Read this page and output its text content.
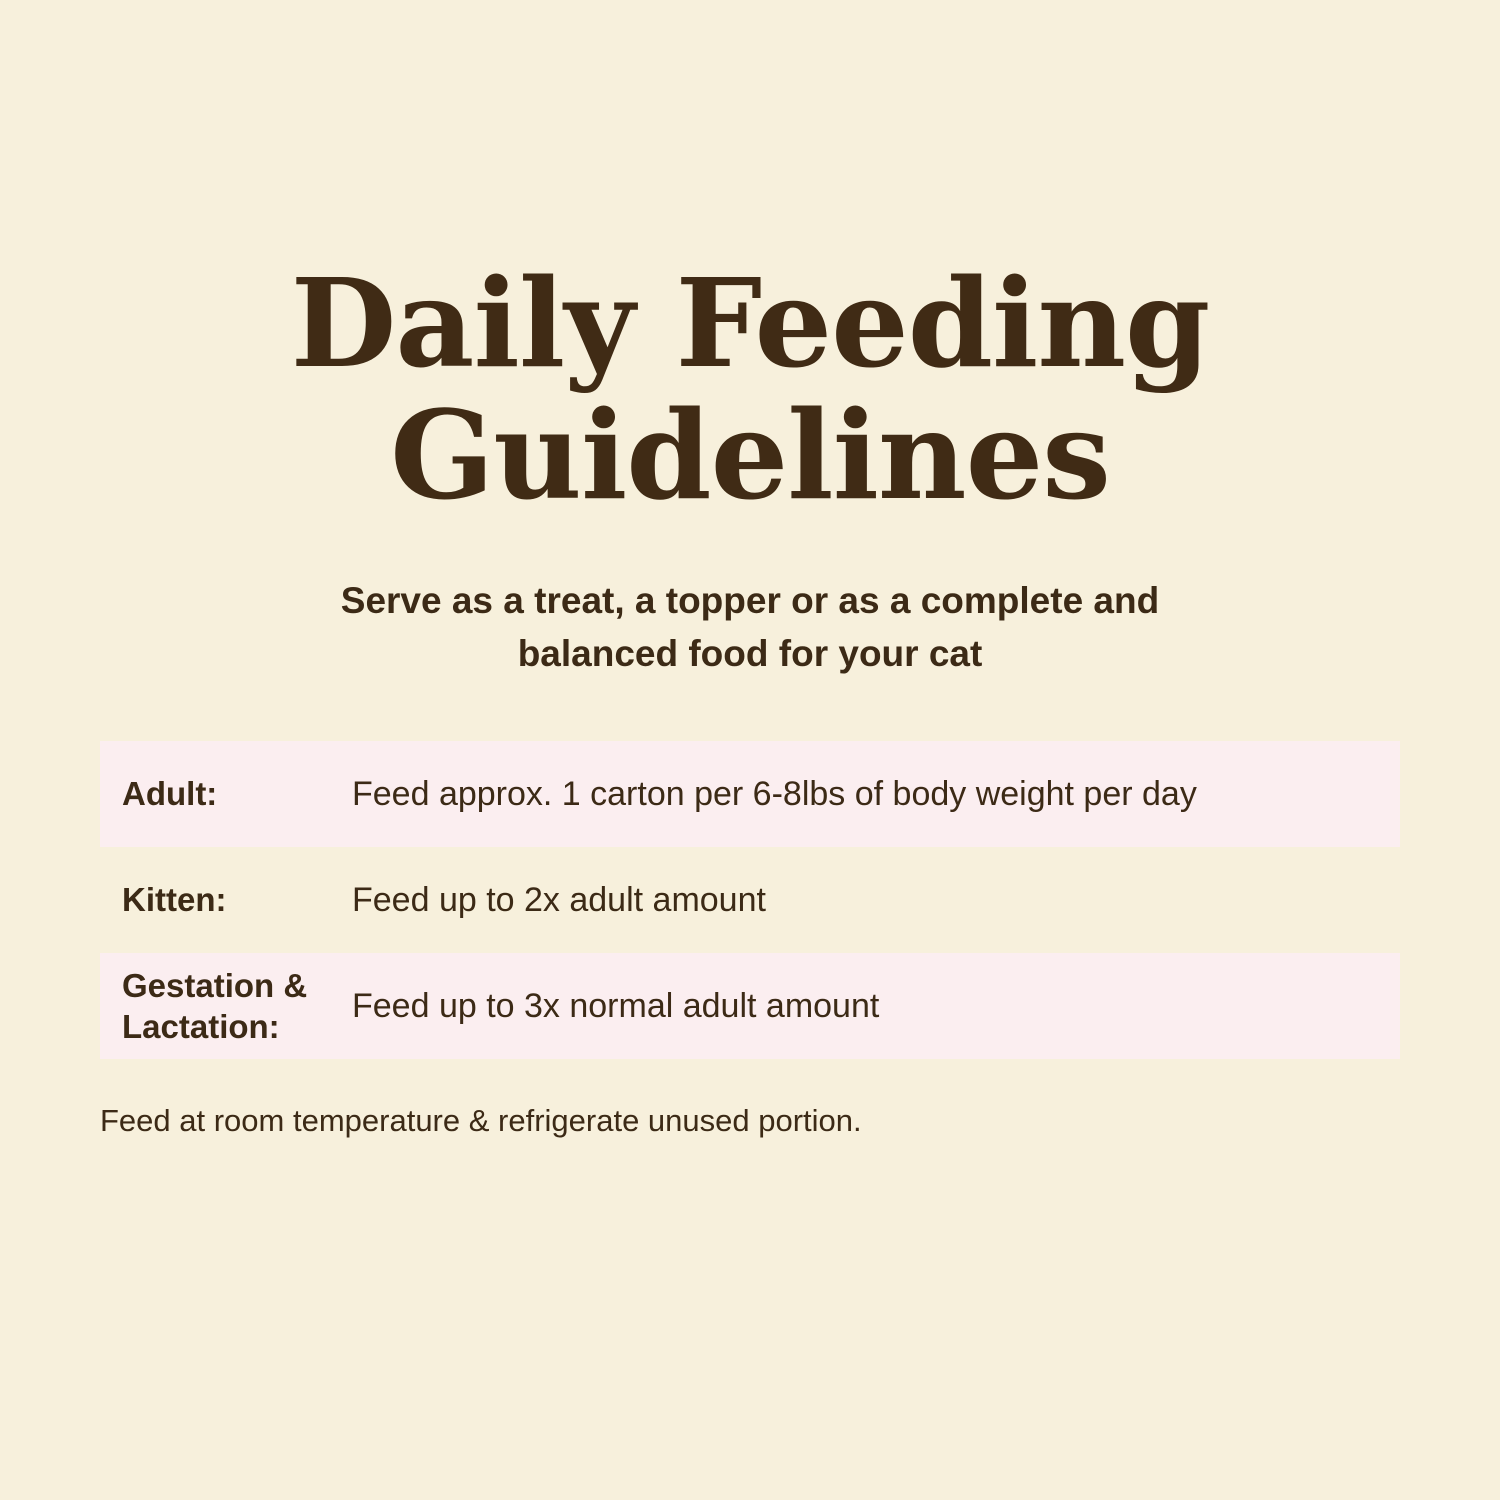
Daily Feeding
Guidelines

Serve as a treat, a topper or as a complete and
balanced food for your cat

Adult:	Feed approx. 1 carton per 6-8lbs of body weight per day
Kitten:	Feed up to 2x adult amount
Gestation &
Lactation:
Feed up to 3x normal adult amount

Feed at room temperature & refrigerate unused portion.
